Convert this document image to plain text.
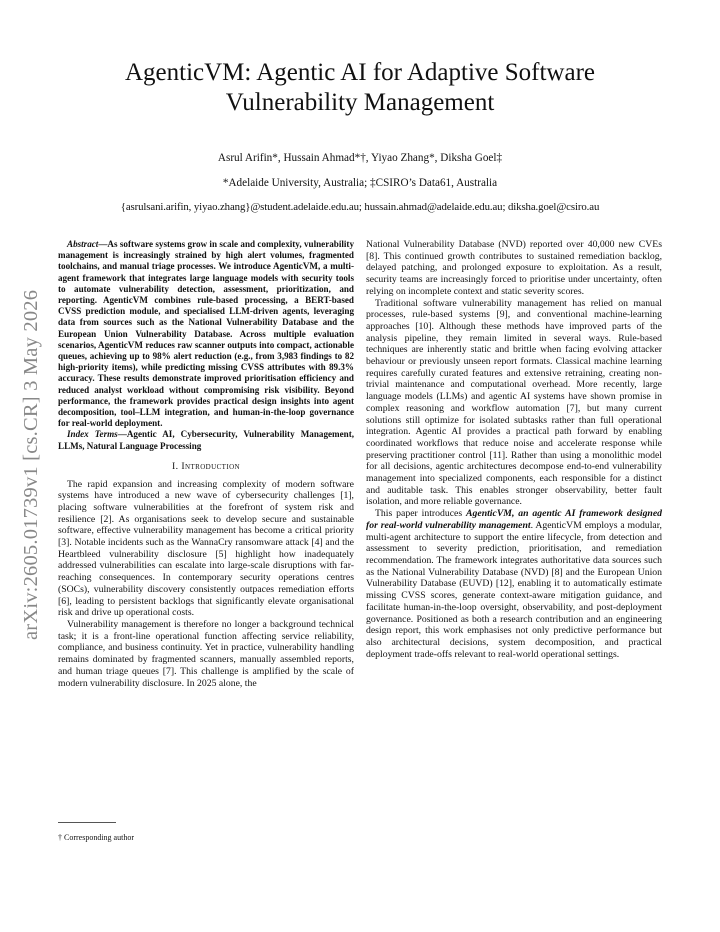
arXiv:2605.01739v1 [cs.CR] 3 May 2026
AgenticVM: Agentic AI for Adaptive Software
Vulnerability Management
Asrul Arifin*, Hussain Ahmad*†, Yiyao Zhang*, Diksha Goel‡
*Adelaide University, Australia; ‡CSIRO’s Data61, Australia
{asrulsani.arifin, yiyao.zhang}@student.adelaide.edu.au; hussain.ahmad@adelaide.edu.au; diksha.goel@csiro.au

Abstract—As software systems grow in scale and complexity, vulnerability management is increasingly strained by high alert volumes, fragmented toolchains, and manual triage processes. We introduce AgenticVM, a multi-agent framework that integrates large language models with security tools to automate vulnerability detection, assessment, prioritization, and reporting. AgenticVM combines rule-based processing, a BERT-based CVSS prediction module, and specialised LLM-driven agents, leveraging data from sources such as the National Vulnerability Database and the European Union Vulnerability Database. Across multiple evaluation scenarios, AgenticVM reduces raw scanner outputs into compact, actionable queues, achieving up to 98% alert reduction (e.g., from 3,983 findings to 82 high-priority items), while predicting missing CVSS attributes with 89.3% accuracy. These results demonstrate improved prioritisation efficiency and reduced analyst workload without compromising risk visibility. Beyond performance, the framework provides practical design insights into agent decomposition, tool–LLM integration, and human-in-the-loop governance for real-world deployment.

Index Terms—Agentic AI, Cybersecurity, Vulnerability Management, LLMs, Natural Language Processing

I. Introduction

The rapid expansion and increasing complexity of modern software systems have introduced a new wave of cybersecurity challenges [1], placing software vulnerabilities at the forefront of system risk and resilience [2]. As organisations seek to develop secure and sustainable software, effective vulnerability management has become a critical priority [3]. Notable incidents such as the WannaCry ransomware attack [4] and the Heartbleed vulnerability disclosure [5] highlight how inadequately addressed vulnerabilities can escalate into large-scale disruptions with far-reaching consequences. In contemporary security operations centres (SOCs), vulnerability discovery consistently outpaces remediation efforts [6], leading to persistent backlogs that significantly elevate organisational risk and drive up operational costs.

Vulnerability management is therefore no longer a background technical task; it is a front-line operational function affecting service reliability, compliance, and business continuity. Yet in practice, vulnerability handling remains dominated by fragmented scanners, manually assembled reports, and human triage queues [7]. This challenge is amplified by the scale of modern vulnerability disclosure. In 2025 alone, the

National Vulnerability Database (NVD) reported over 40,000 new CVEs [8]. This continued growth contributes to sustained remediation backlog, delayed patching, and prolonged exposure to exploitation. As a result, security teams are increasingly forced to prioritise under uncertainty, often relying on incomplete context and static severity scores.

Traditional software vulnerability management has relied on manual processes, rule-based systems [9], and conventional machine-learning approaches [10]. Although these methods have improved parts of the analysis pipeline, they remain limited in several ways. Rule-based techniques are inherently static and brittle when facing evolving attacker behaviour or previously unseen report formats. Classical machine learning requires carefully curated features and extensive retraining, creating non-trivial maintenance and computational overhead. More recently, large language models (LLMs) and agentic AI systems have shown promise in complex reasoning and workflow automation [7], but many current solutions still optimize for isolated subtasks rather than full operational integration. Agentic AI provides a practical path forward by enabling coordinated workflows that reduce noise and accelerate response while preserving practitioner control [11]. Rather than using a monolithic model for all decisions, agentic architectures decompose end-to-end vulnerability management into specialized components, each responsible for a distinct and auditable task. This enables stronger observability, better fault isolation, and more reliable governance.

This paper introduces AgenticVM, an agentic AI framework designed for real-world vulnerability management. AgenticVM employs a modular, multi-agent architecture to support the entire lifecycle, from detection and assessment to severity prediction, prioritisation, and remediation recommendation. The framework integrates authoritative data sources such as the National Vulnerability Database (NVD) [8] and the European Union Vulnerability Database (EUVD) [12], enabling it to automatically estimate missing CVSS scores, generate context-aware mitigation guidance, and facilitate human-in-the-loop oversight, observability, and post-deployment governance. Positioned as both a research contribution and an engineering design report, this work emphasises not only predictive performance but also architectural decisions, system decomposition, and practical deployment trade-offs relevant to real-world operational settings.

† Corresponding author
